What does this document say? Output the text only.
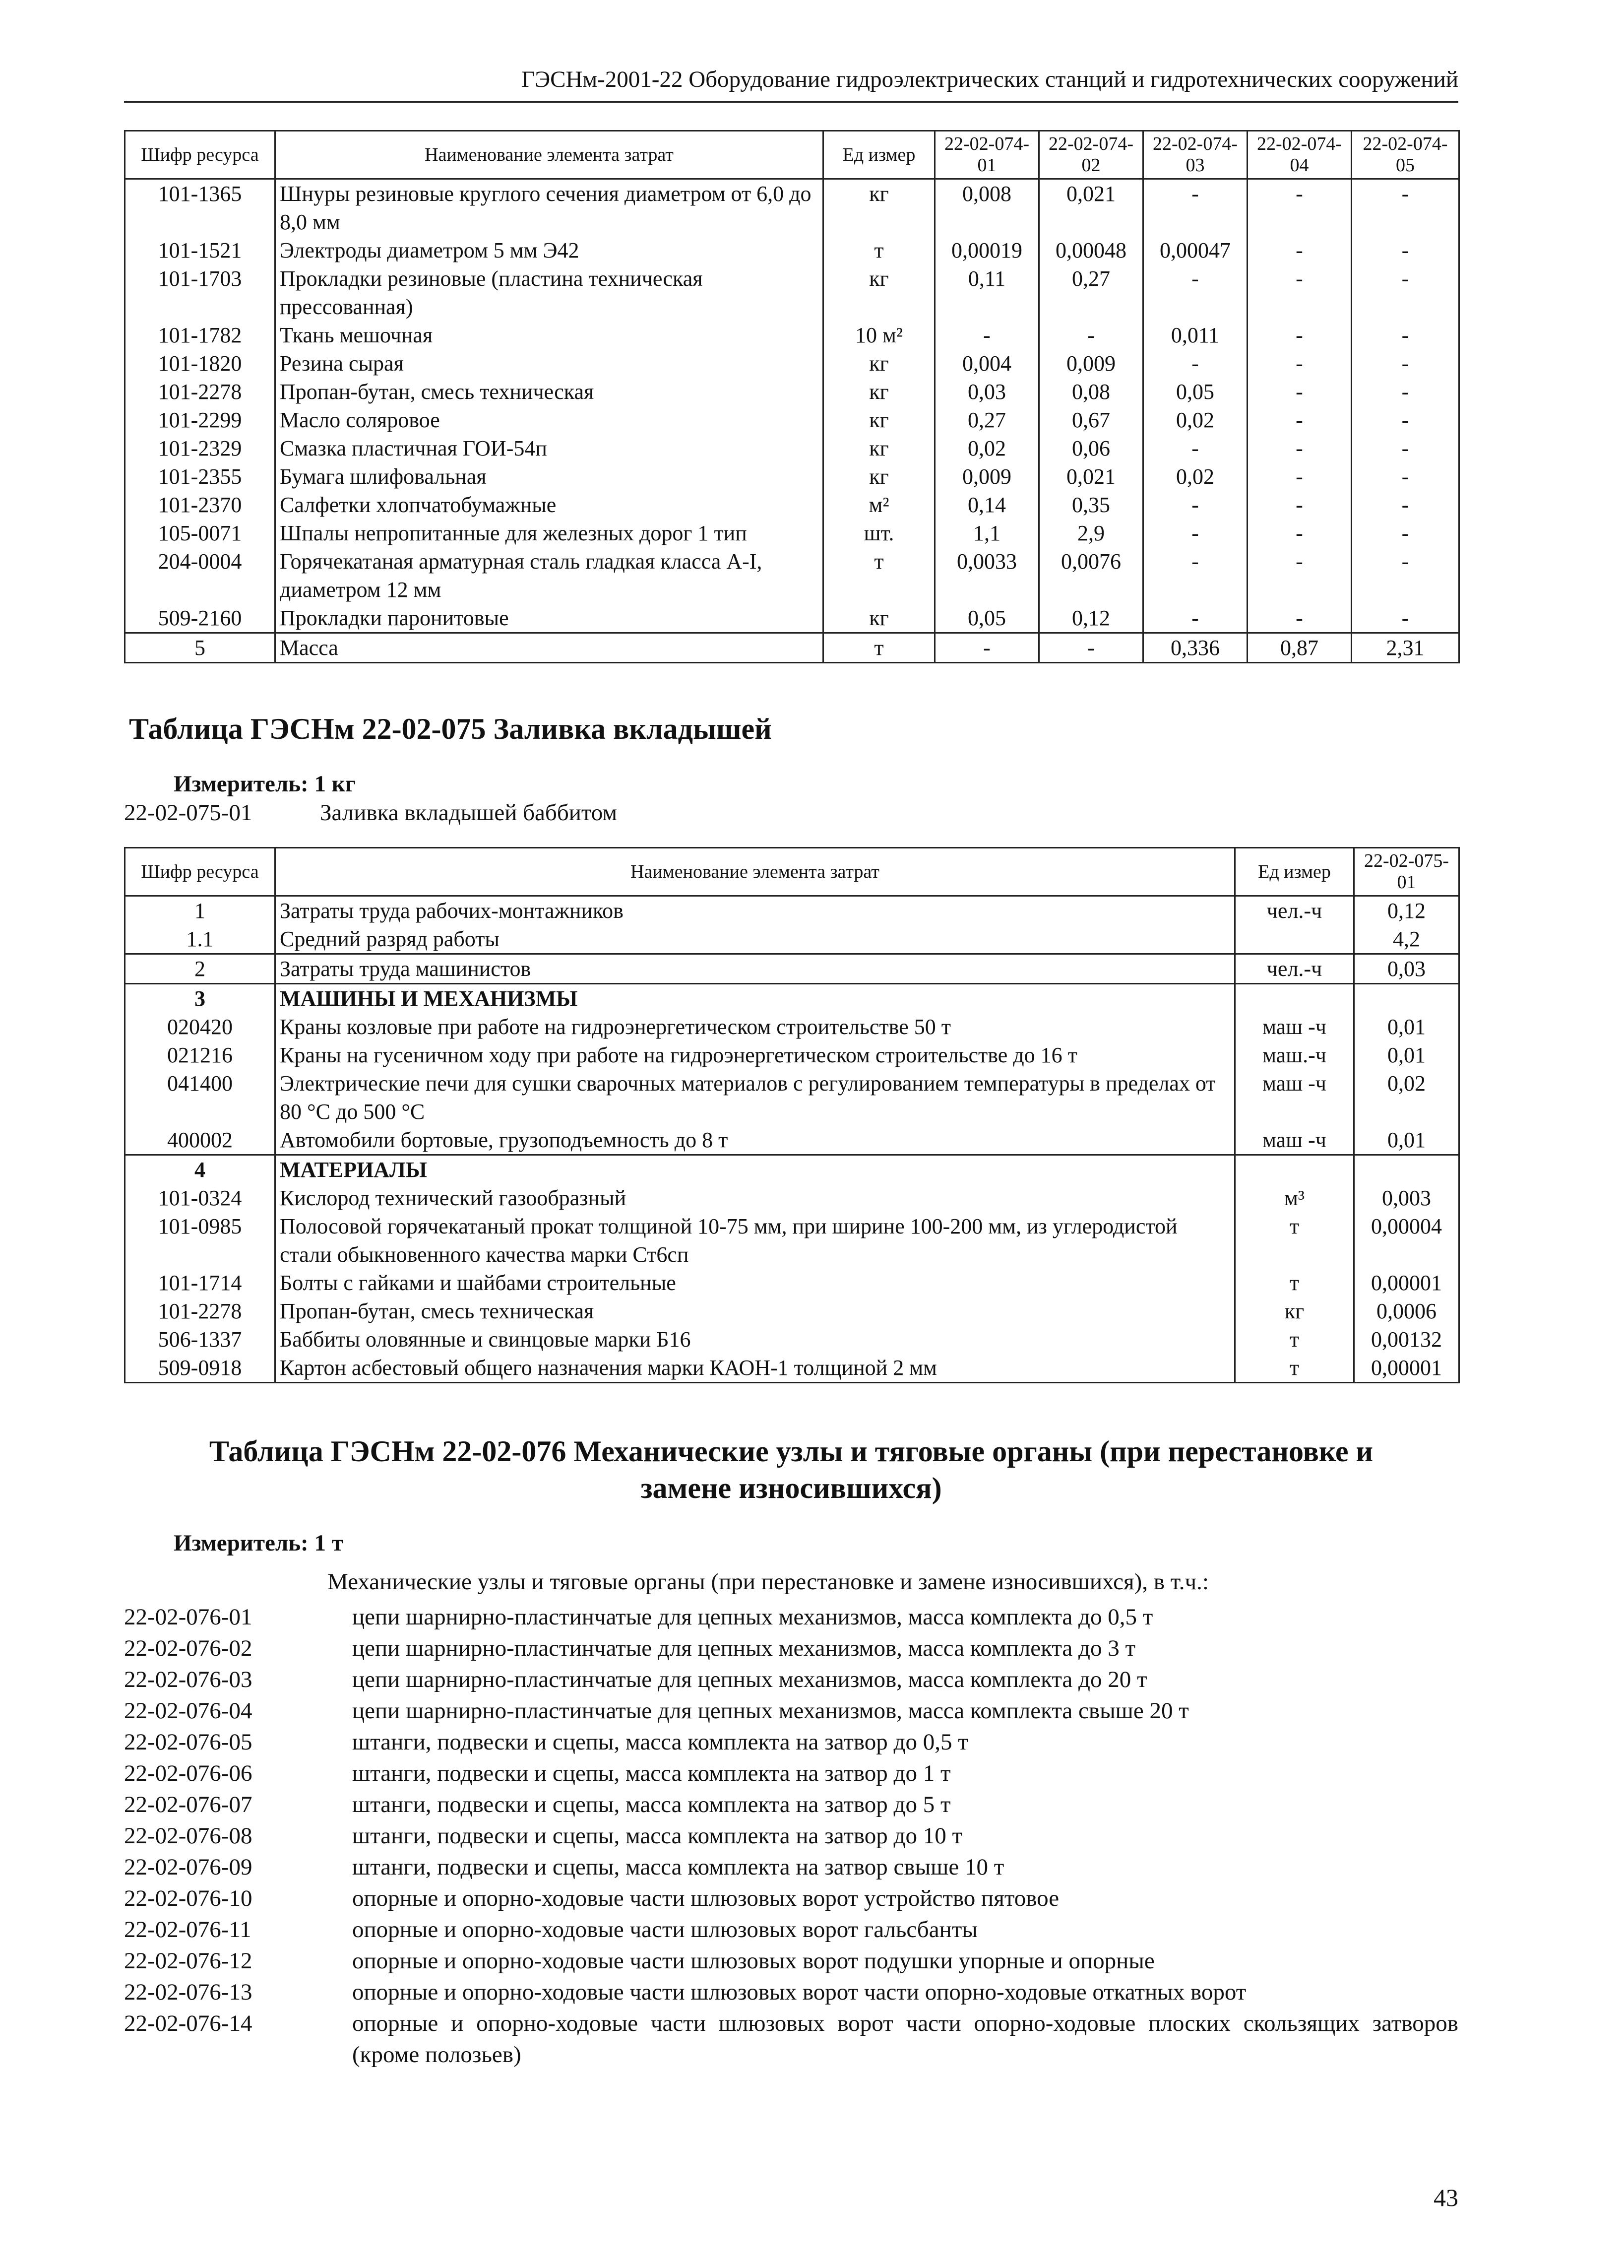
ГЭСНм-2001-22 Оборудование гидроэлектрических станций и гидротехнических сооружений
Шифр ресурса	Наименование элемента затрат	Ед измер	22-02-074-01	22-02-074-02	22-02-074-03	22-02-074-04	22-02-074-05
101-1365	Шнуры резиновые круглого сечения диаметром от 6,0 до 8,0 мм	кг	0,008	0,021	-	-	-
101-1521	Электроды диаметром 5 мм Э42	т	0,00019	0,00048	0,00047	-	-
101-1703	Прокладки резиновые (пластина техническая прессованная)	кг	0,11	0,27	-	-	-
101-1782	Ткань мешочная	10 м²	-	-	0,011	-	-
101-1820	Резина сырая	кг	0,004	0,009	-	-	-
101-2278	Пропан-бутан, смесь техническая	кг	0,03	0,08	0,05	-	-
101-2299	Масло соляровое	кг	0,27	0,67	0,02	-	-
101-2329	Смазка пластичная ГОИ-54п	кг	0,02	0,06	-	-	-
101-2355	Бумага шлифовальная	кг	0,009	0,021	0,02	-	-
101-2370	Салфетки хлопчатобумажные	м²	0,14	0,35	-	-	-
105-0071	Шпалы непропитанные для железных дорог 1 тип	шт.	1,1	2,9	-	-	-
204-0004	Горячекатаная арматурная сталь гладкая класса А-I, диаметром 12 мм	т	0,0033	0,0076	-	-	-
509-2160	Прокладки паронитовые	кг	0,05	0,12	-	-	-
5	Масса	т	-	-	0,336	0,87	2,31
Таблица ГЭСНм 22-02-075 Заливка вкладышей
Измеритель: 1 кг
22-02-075-01	Заливка вкладышей баббитом
Шифр ресурса	Наименование элемента затрат	Ед измер	22-02-075-01
1	Затраты труда рабочих-монтажников	чел.-ч	0,12
1.1	Средний разряд работы		4,2
2	Затраты труда машинистов	чел.-ч	0,03
3	МАШИНЫ И МЕХАНИЗМЫ		
020420	Краны козловые при работе на гидроэнергетическом строительстве 50 т	маш -ч	0,01
021216	Краны на гусеничном ходу при работе на гидроэнергетическом строительстве до 16 т	маш.-ч	0,01
041400	Электрические печи для сушки сварочных материалов с регулированием температуры в пределах от 80 °С до 500 °С	маш -ч	0,02
400002	Автомобили бортовые, грузоподъемность до 8 т	маш -ч	0,01
4	МАТЕРИАЛЫ		
101-0324	Кислород технический газообразный	м³	0,003
101-0985	Полосовой горячекатаный прокат толщиной 10-75 мм, при ширине 100-200 мм, из углеродистой стали обыкновенного качества марки Ст6сп	т	0,00004
101-1714	Болты с гайками и шайбами строительные	т	0,00001
101-2278	Пропан-бутан, смесь техническая	кг	0,0006
506-1337	Баббиты оловянные и свинцовые марки Б16	т	0,00132
509-0918	Картон асбестовый общего назначения марки КАОН-1 толщиной 2 мм	т	0,00001
Таблица ГЭСНм 22-02-076 Механические узлы и тяговые органы (при перестановке и
замене износившихся)
Измеритель: 1 т
Механические узлы и тяговые органы (при перестановке и замене износившихся), в т.ч.:
22-02-076-01	цепи шарнирно-пластинчатые для цепных механизмов, масса комплекта до 0,5 т
22-02-076-02	цепи шарнирно-пластинчатые для цепных механизмов, масса комплекта до 3 т
22-02-076-03	цепи шарнирно-пластинчатые для цепных механизмов, масса комплекта до 20 т
22-02-076-04	цепи шарнирно-пластинчатые для цепных механизмов, масса комплекта свыше 20 т
22-02-076-05	штанги, подвески и сцепы, масса комплекта на затвор до 0,5 т
22-02-076-06	штанги, подвески и сцепы, масса комплекта на затвор до 1 т
22-02-076-07	штанги, подвески и сцепы, масса комплекта на затвор до 5 т
22-02-076-08	штанги, подвески и сцепы, масса комплекта на затвор до 10 т
22-02-076-09	штанги, подвески и сцепы, масса комплекта на затвор свыше 10 т
22-02-076-10	опорные и опорно-ходовые части шлюзовых ворот устройство пятовое
22-02-076-11	опорные и опорно-ходовые части шлюзовых ворот гальсбанты
22-02-076-12	опорные и опорно-ходовые части шлюзовых ворот подушки упорные и опорные
22-02-076-13	опорные и опорно-ходовые части шлюзовых ворот части опорно-ходовые откатных ворот
22-02-076-14	опорные и опорно-ходовые части шлюзовых ворот части опорно-ходовые плоских скользящих затворов (кроме полозьев)
43
